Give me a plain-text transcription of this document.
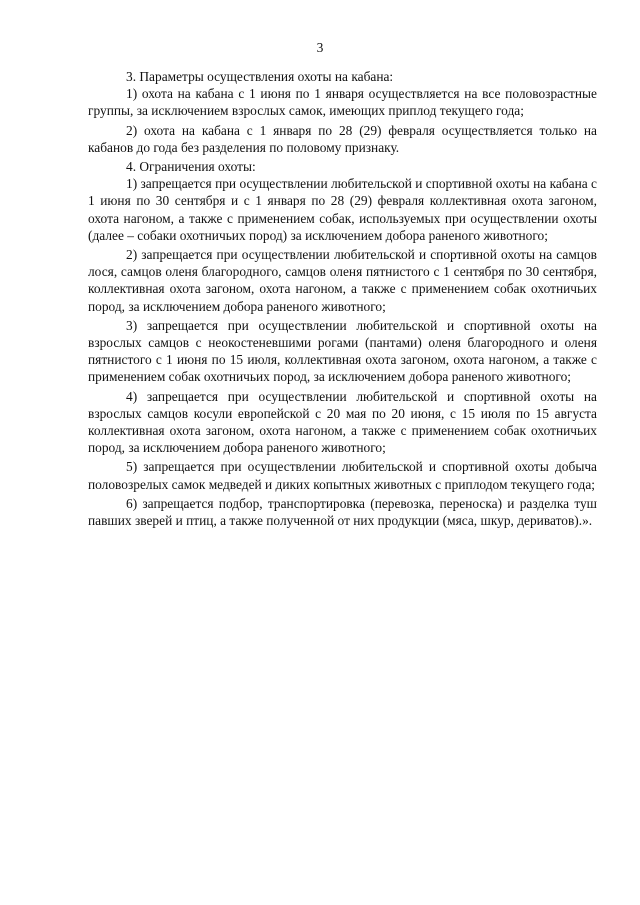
3

3. Параметры осуществления охоты на кабана:

1) охота на кабана с 1 июня по 1 января осуществляется на все половозрастные группы, за исключением взрослых самок, имеющих приплод текущего года;

2) охота на кабана с 1 января по 28 (29) февраля осуществляется только на кабанов до года без разделения по половому признаку.

4. Ограничения охоты:

1) запрещается при осуществлении любительской и спортивной охоты на кабана с 1 июня по 30 сентября и с 1 января по 28 (29) февраля коллективная охота загоном, охота нагоном, а также с применением собак, используемых при осуществлении охоты (далее – собаки охотничьих пород) за исключением добора раненого животного;

2) запрещается при осуществлении любительской и спортивной охоты на самцов лося, самцов оленя благородного, самцов оленя пятнистого с 1 сентября по 30 сентября, коллективная охота загоном, охота нагоном, а также с применением собак охотничьих пород, за исключением добора раненого животного;

3) запрещается при осуществлении любительской и спортивной охоты на взрослых самцов с неокостеневшими рогами (пантами) оленя благородного и оленя пятнистого с 1 июня по 15 июля, коллективная охота загоном, охота нагоном, а также с применением собак охотничьих пород, за исключением добора раненого животного;

4) запрещается при осуществлении любительской и спортивной охоты на взрослых самцов косули европейской с 20 мая по 20 июня, с 15 июля по 15 августа коллективная охота загоном, охота нагоном, а также с применением собак охотничьих пород, за исключением добора раненого животного;

5) запрещается при осуществлении любительской и спортивной охоты добыча половозрелых самок медведей и диких копытных животных с приплодом текущего года;

6) запрещается подбор, транспортировка (перевозка, переноска) и разделка туш павших зверей и птиц, а также полученной от них продукции (мяса, шкур, дериватов).».
